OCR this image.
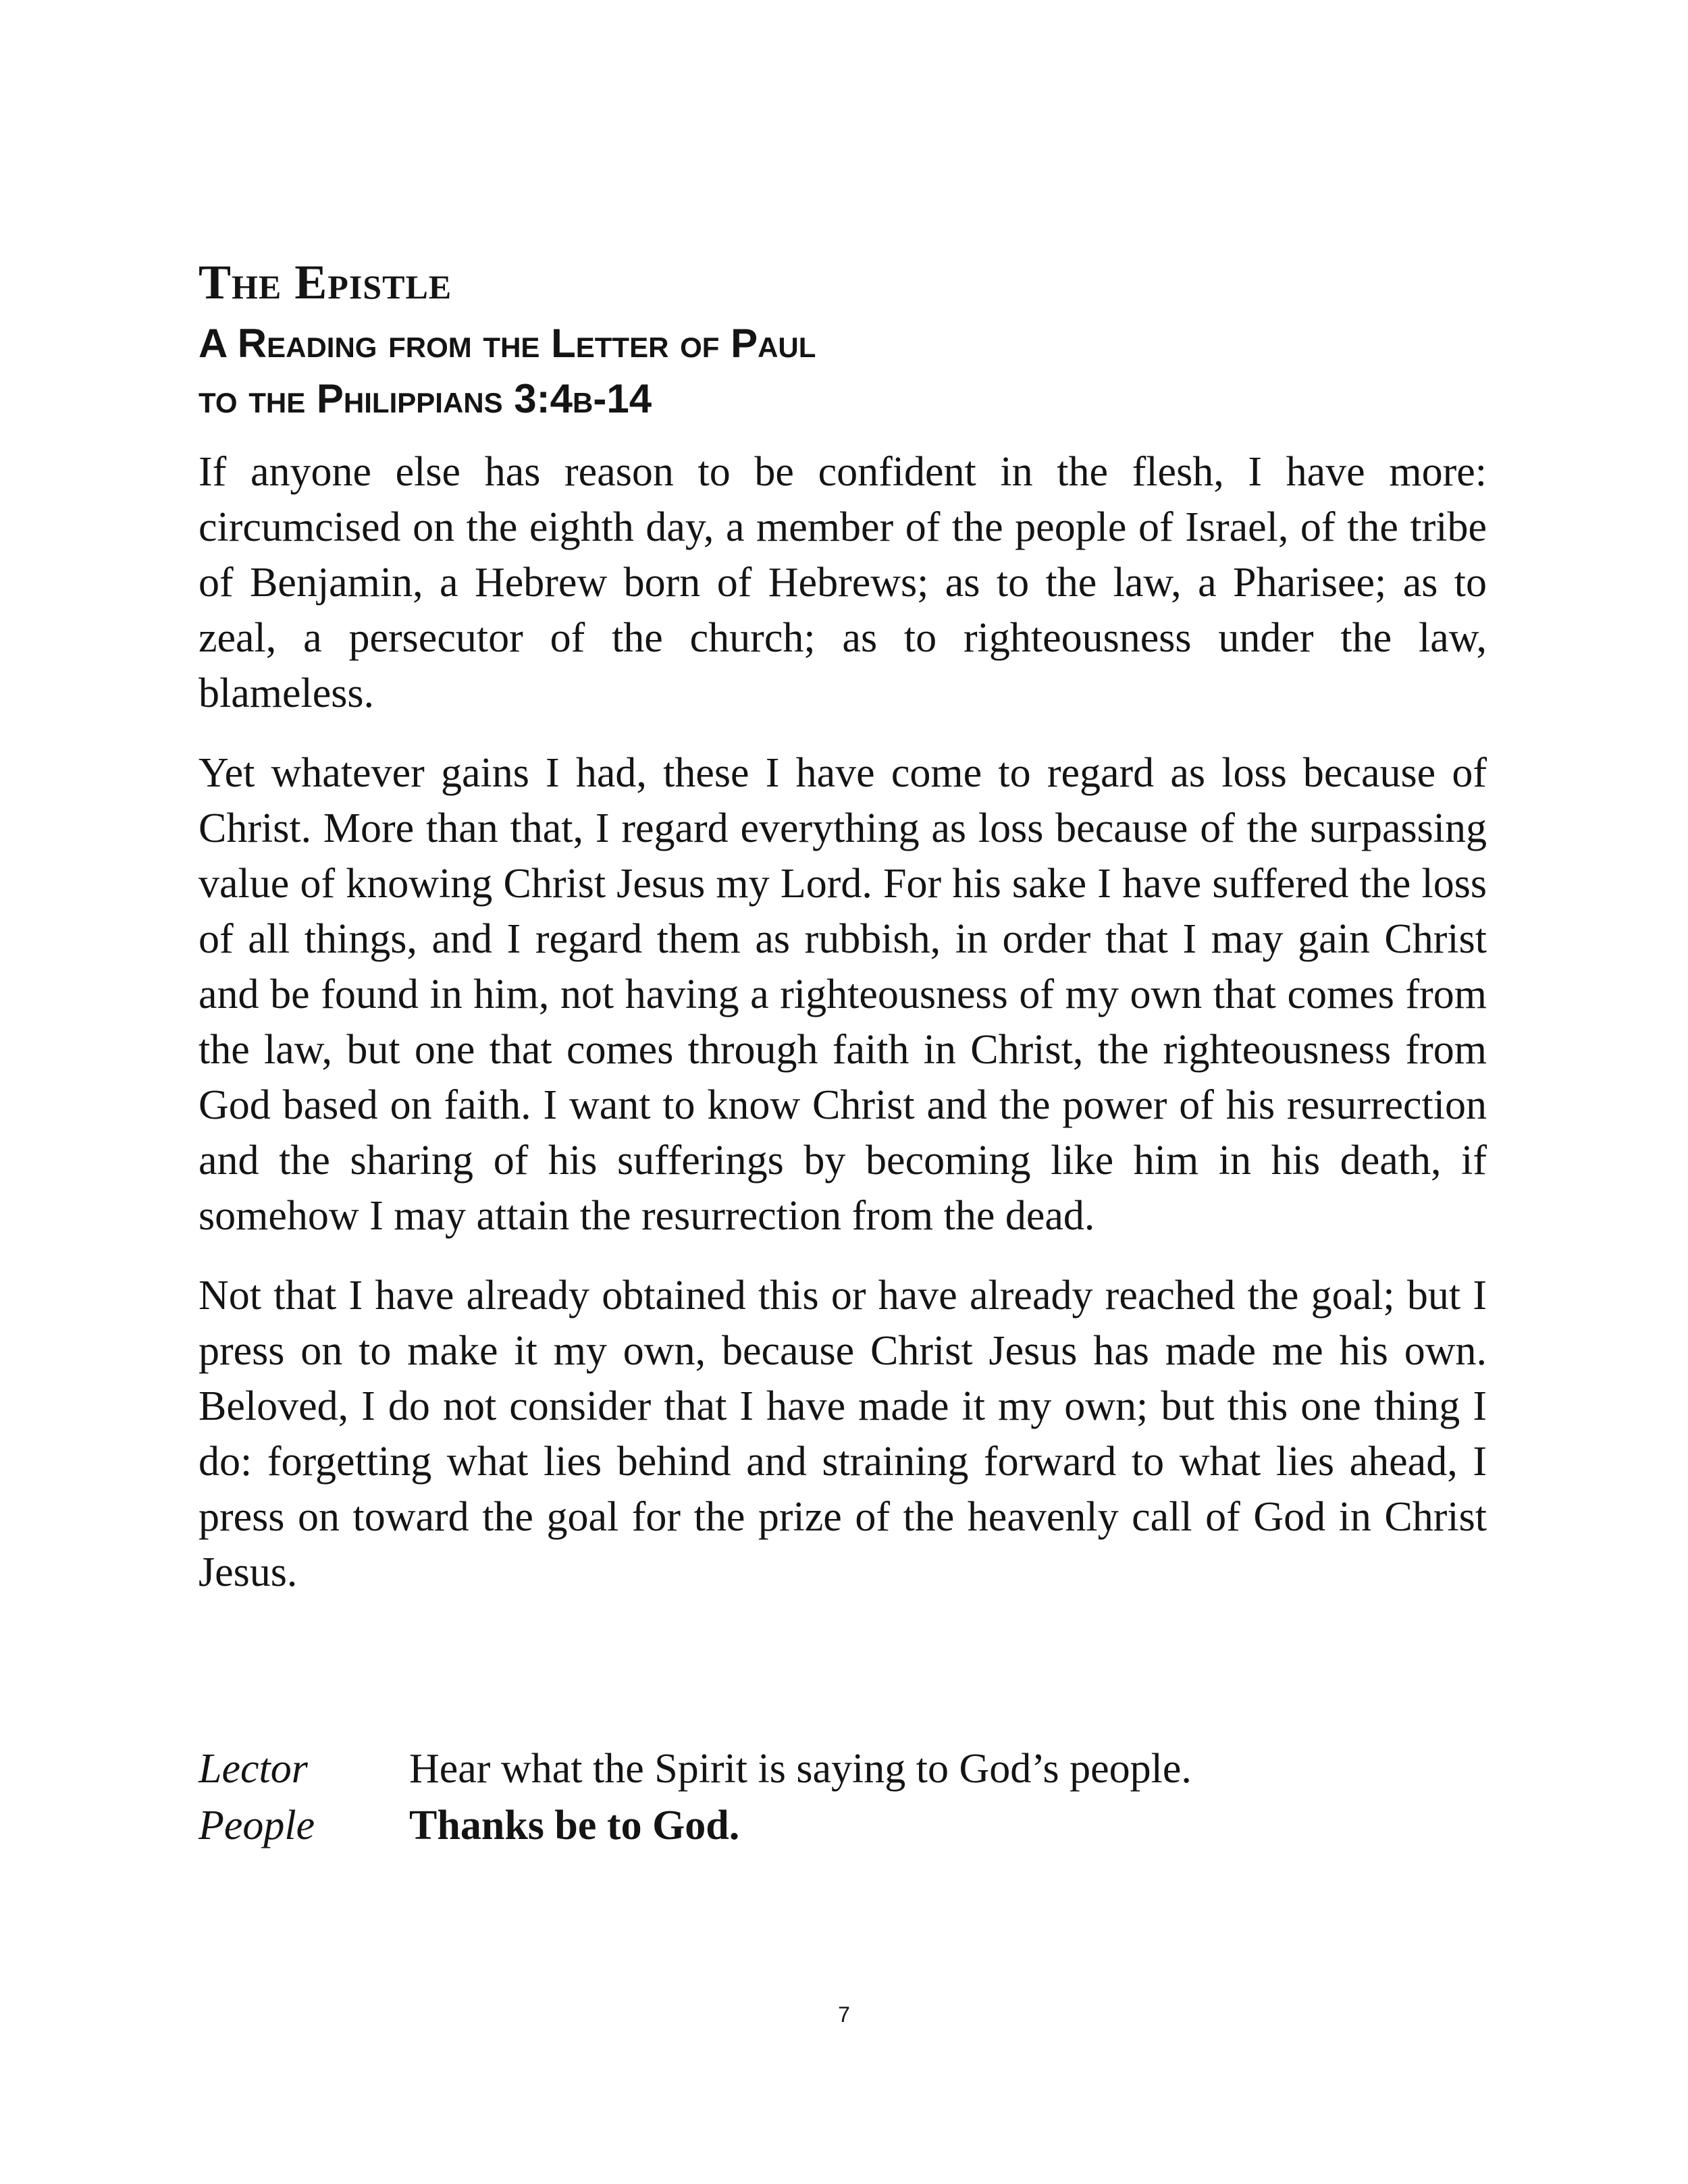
The Epistle
A Reading from the Letter of Paul
to the Philippians 3:4b-14

If anyone else has reason to be confident in the flesh, I have more: circumcised on the eighth day, a member of the people of Israel, of the tribe of Benjamin, a Hebrew born of Hebrews; as to the law, a Pharisee; as to zeal, a persecutor of the church; as to righteousness under the law, blameless.

Yet whatever gains I had, these I have come to regard as loss because of Christ. More than that, I regard everything as loss because of the surpassing value of knowing Christ Jesus my Lord. For his sake I have suffered the loss of all things, and I regard them as rubbish, in order that I may gain Christ and be found in him, not having a righteousness of my own that comes from the law, but one that comes through faith in Christ, the righteousness from God based on faith. I want to know Christ and the power of his resurrection and the sharing of his sufferings by becoming like him in his death, if somehow I may attain the resurrection from the dead.

Not that I have already obtained this or have already reached the goal; but I press on to make it my own, because Christ Jesus has made me his own. Beloved, I do not consider that I have made it my own; but this one thing I do: forgetting what lies behind and straining forward to what lies ahead, I press on toward the goal for the prize of the heavenly call of God in Christ Jesus.

Lector	Hear what the Spirit is saying to God’s people.
People	Thanks be to God.
7
